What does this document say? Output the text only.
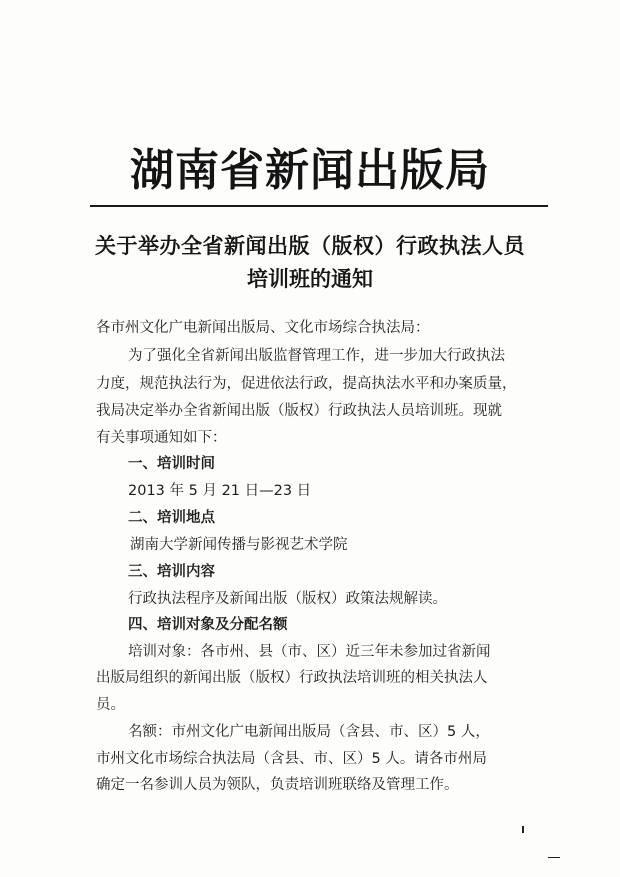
湖南省新闻出版局
关于举办全省新闻出版（版权）行政执法人员
培训班的通知
各市州文化广电新闻出版局、文化市场综合执法局：
为了强化全省新闻出版监督管理工作，进一步加大行政执法
力度，规范执法行为，促进依法行政，提高执法水平和办案质量，
我局决定举办全省新闻出版（版权）行政执法人员培训班。现就
有关事项通知如下：
一、培训时间
2013 年 5 月 21 日—23 日
二、培训地点
湖南大学新闻传播与影视艺术学院
三、培训内容
行政执法程序及新闻出版（版权）政策法规解读。
四、培训对象及分配名额
培训对象：各市州、县（市、区）近三年未参加过省新闻
出版局组织的新闻出版（版权）行政执法培训班的相关执法人
员。
名额：市州文化广电新闻出版局（含县、市、区）5 人，
市州文化市场综合执法局（含县、市、区）5 人。请各市州局
确定一名参训人员为领队，负责培训班联络及管理工作。
